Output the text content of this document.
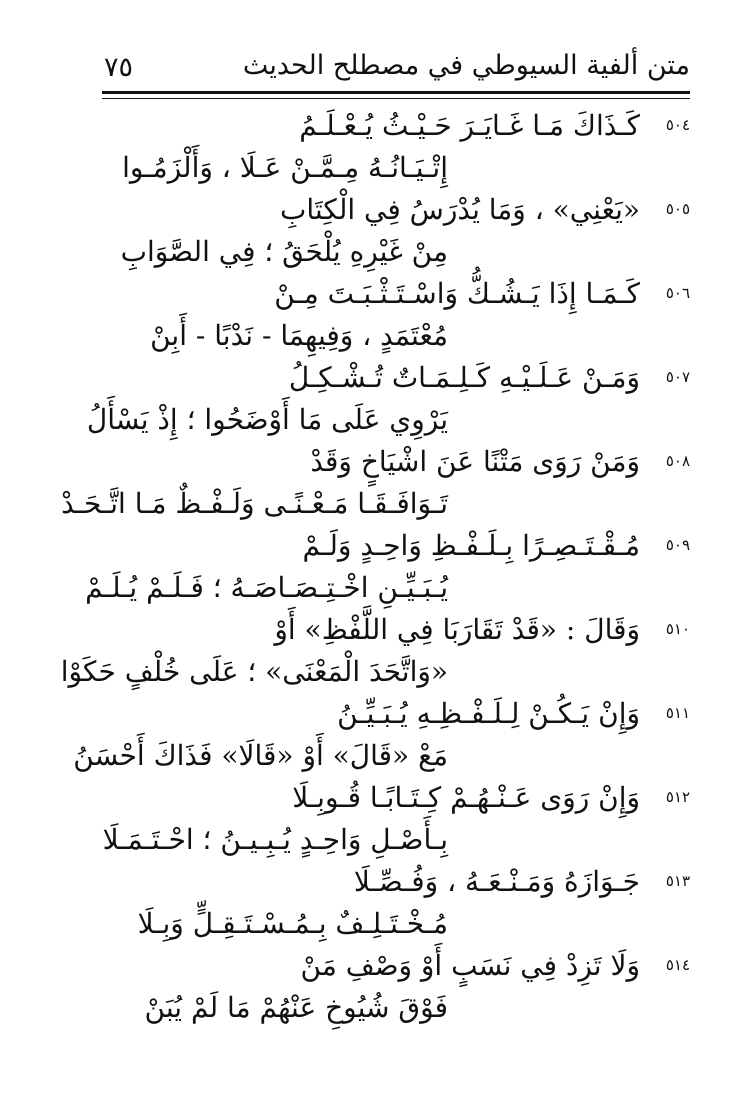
٧٥	متن ألفية السيوطي في مصطلح الحديث
٥٠٤
كَـذَاكَ مَـا غَـايَـرَ حَـيْـثُ يُـعْـلَـمُ
إِتْـيَـانُـهُ مِـمَّـنْ عَـلَا ، وَأَلْزَمُـوا
٥٠٥
«يَعْنِي» ، وَمَا يُدْرَسُ فِي الْكِتَابِ
مِنْ غَيْرِهِ يُلْحَقُ ؛ فِي الصَّوَابِ
٥٠٦
كَـمَـا إِذَا يَـشُـكُّ وَاسْـتَـثْـبَـتَ مِـنْ
مُعْتَمَدٍ ، وَفِيهِمَا - نَدْبًا - أَبِنْ
٥٠٧
وَمَـنْ عَـلَـيْـهِ كَـلِـمَـاتٌ تُـشْـكِـلُ
يَرْوِي عَلَى مَا أَوْضَحُوا ؛ إِذْ يَسْأَلُ
٥٠٨
وَمَنْ رَوَى مَتْنًا عَنَ اشْيَاخٍ وَقَدْ
تَـوَافَـقَـا مَـعْـنًـى وَلَـفْـظٌ مَـا اتَّـحَـدْ
٥٠٩
مُـقْـتَـصِـرًا بِـلَـفْـظِ وَاحِـدٍ وَلَـمْ
يُـبَـيِّـنِ اخْـتِـصَـاصَـهُ ؛ فَـلَـمْ يُـلَـمْ
٥١٠
وَقَالَ : «قَدْ تَقَارَبَا فِي اللَّفْظِ» أَوْ
«وَاتَّحَدَ الْمَعْنَى» ؛ عَلَى خُلْفٍ حَكَوْا
٥١١
وَإِنْ يَـكُـنْ لِـلَـفْـظِـهِ يُـبَـيِّـنُ
مَعْ «قَالَ» أَوْ «قَالَا» فَذَاكَ أَحْسَنُ
٥١٢
وَإِنْ رَوَى عَـنْـهُـمْ كِـتَـابًـا قُـوبِـلَا
بِـأَصْـلِ وَاحِـدٍ يُـبِـيـنُ ؛ احْـتَـمَـلَا
٥١٣
جَـوَازَهُ وَمَـنْـعَـهُ ، وَفُـصِّـلَا
مُـخْـتَـلِـفٌ بِـمُـسْـتَـقِـلٍّ وَبِـلَا
٥١٤
وَلَا تَزِدْ فِي نَسَبٍ أَوْ وَصْفِ مَنْ
فَوْقَ شُيُوخِ عَنْهُمْ مَا لَمْ يُبَنْ
